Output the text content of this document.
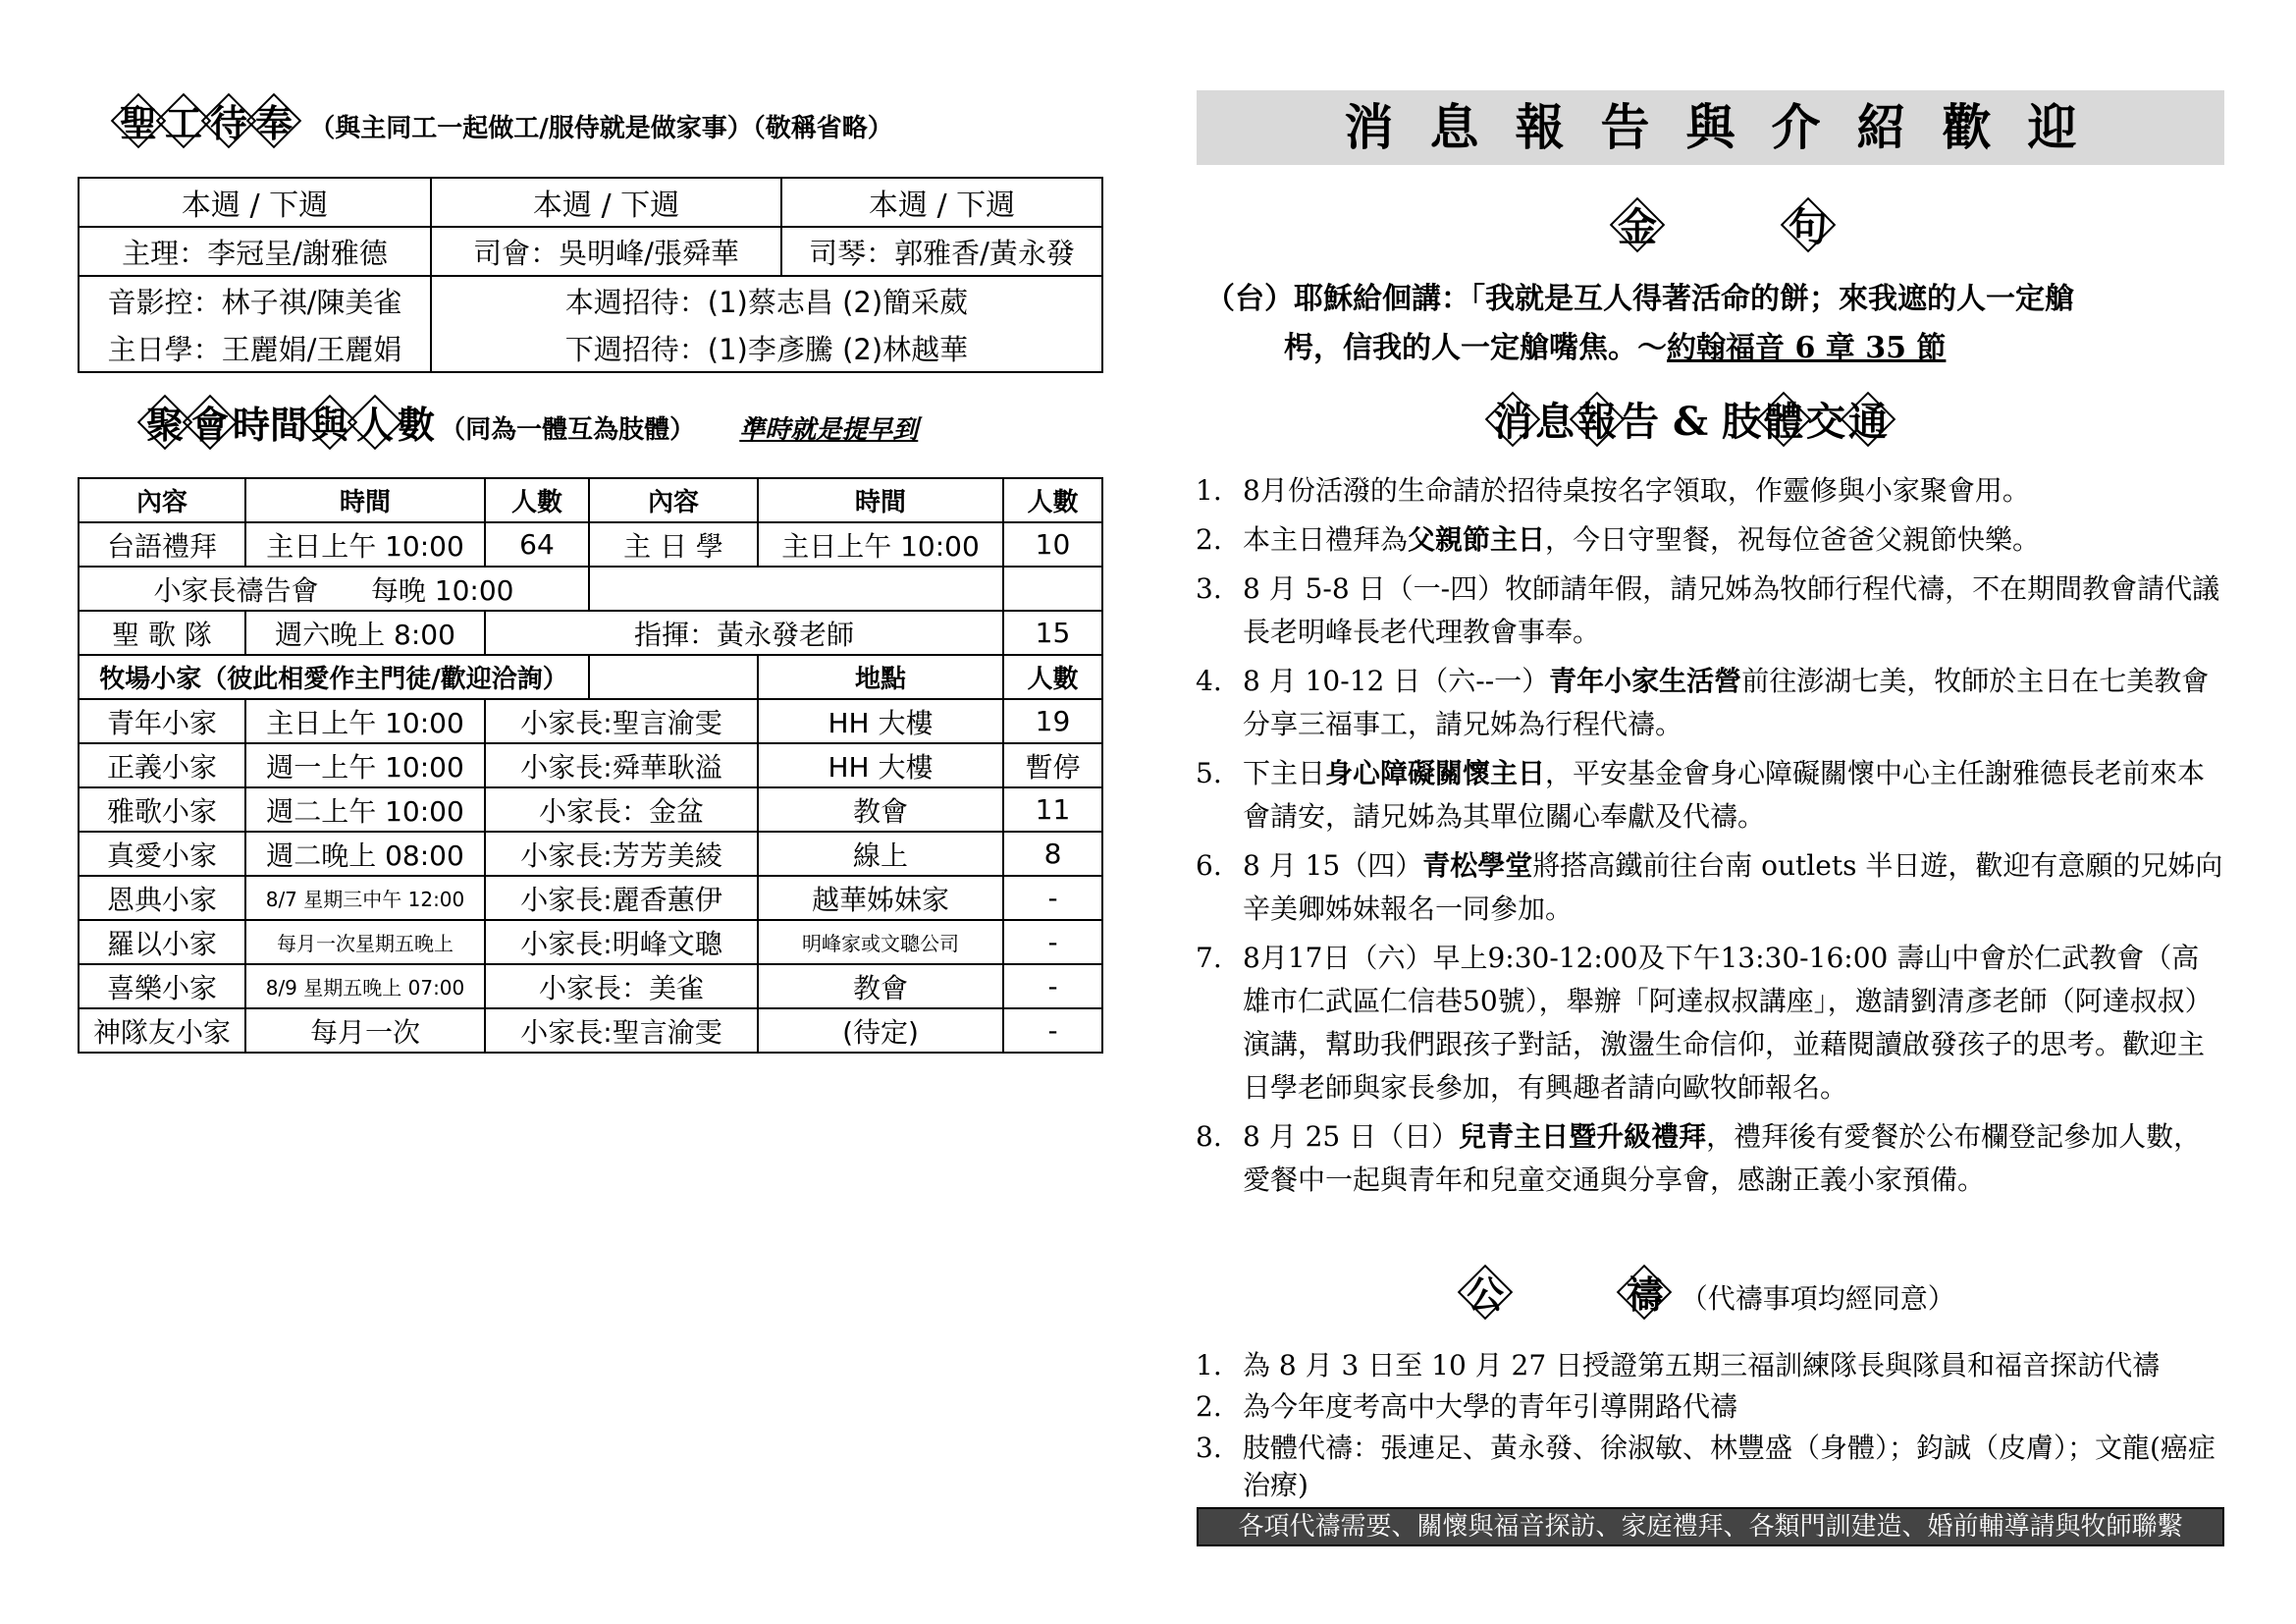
聖 工 待 奉 （與主同工一起做工/服侍就是做家事）（敬稱省略）
本週 / 下週	本週 / 下週	本週 / 下週
主理：李冠呈/謝雅德	司會：吳明峰/張舜華	司琴：郭雅香/黃永發
音影控：林子祺/陳美雀	本週招待：(1)蔡志昌 (2)簡采葳	
主日學：王麗娟/王麗娟	下週招待：(1)李彥騰 (2)林越華	
聚 會 時間 與 人 數 （同為一體互為肢體） 準時就是提早到
內容	時間	人數	內容	時間	人數
台語禮拜	主日上午 10:00	64	主 日 學	主日上午 10:00	10
小家長禱告會 每晚 10:00					
聖 歌 隊	週六晚上 8:00	指揮：黃永發老師			15
牧場小家（彼此相愛作主門徒/歡迎洽詢）				地點	人數
青年小家	主日上午 10:00	小家長:聖言渝雯		HH 大樓	19
正義小家	週一上午 10:00	小家長:舜華耿溢		HH 大樓	暫停
雅歌小家	週二上午 10:00	小家長：金盆		教會	11
真愛小家	週二晚上 08:00	小家長:芳芳美綾		線上	8
恩典小家	8/7 星期三中午 12:00	小家長:麗香蕙伊		越華姊妹家	-
羅以小家	每月一次星期五晚上	小家長:明峰文聰		明峰家或文聰公司	-
喜樂小家	8/9 星期五晚上 07:00	小家長：美雀		教會	-
神隊友小家	每月一次	小家長:聖言渝雯		(待定)	-
消 息 報 告 與 介 紹 歡 迎
金	句
（台）耶穌給佪講：「我就是互人得著活命的餅；來我遮的人一定艙
枵，信我的人一定艙嘴焦。～約翰福音 6 章 35 節
消息報告 & 肢體交通
1. 8月份活潑的生命請於招待桌按名字領取，作靈修與小家聚會用。
2. 本主日禮拜為父親節主日，今日守聖餐，祝每位爸爸父親節快樂。
3. 8 月 5-8 日（一-四）牧師請年假，請兄姊為牧師行程代禱，不在期間教會請代議長老明峰長老代理教會事奉。
4. 8 月 10-12 日（六--一）青年小家生活營前往澎湖七美，牧師於主日在七美教會分享三福事工，請兄姊為行程代禱。
5. 下主日身心障礙關懷主日，平安基金會身心障礙關懷中心主任謝雅德長老前來本會請安，請兄姊為其單位關心奉獻及代禱。
6. 8 月 15（四）青松學堂將搭高鐵前往台南 outlets 半日遊，歡迎有意願的兄姊向辛美卿姊妹報名一同參加。
7. 8月17日（六）早上9:30-12:00及下午13:30-16:00 壽山中會於仁武教會（高雄市仁武區仁信巷50號），舉辦「阿達叔叔講座」，邀請劉清彥老師（阿達叔叔）演講，幫助我們跟孩子對話，激盪生命信仰，並藉閱讀啟發孩子的思考。歡迎主日學老師與家長參加，有興趣者請向歐牧師報名。
8. 8 月 25 日（日）兒青主日暨升級禮拜，禮拜後有愛餐於公布欄登記參加人數，愛餐中一起與青年和兒童交通與分享會，感謝正義小家預備。
公	禱 （代禱事項均經同意）
1. 為 8 月 3 日至 10 月 27 日授證第五期三福訓練隊長與隊員和福音探訪代禱
2. 為今年度考高中大學的青年引導開路代禱
3. 肢體代禱：張連足、黃永發、徐淑敏、林豐盛（身體）；鈞誠（皮膚）；文龍(癌症治療)
各項代禱需要、關懷與福音探訪、家庭禮拜、各類門訓建造、婚前輔導請與牧師聯繫
